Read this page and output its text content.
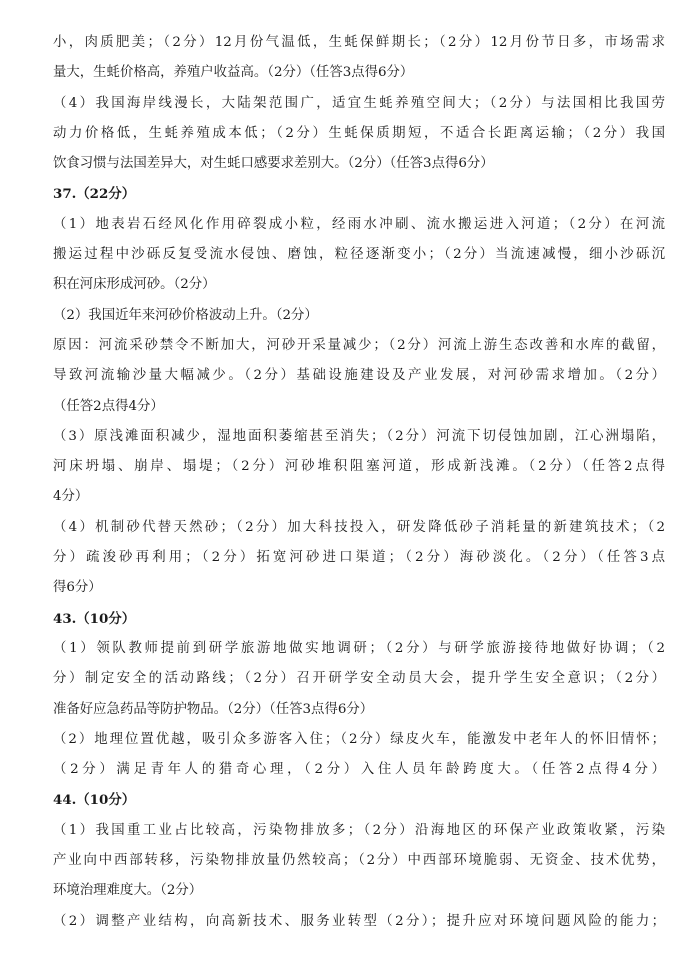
小，肉质肥美；（2分）12月份气温低，生蚝保鲜期长；（2分）12月份节日多，市场需求
量大，生蚝价格高，养殖户收益高。（2分）（任答3点得6分）
（4）我国海岸线漫长，大陆架范围广，适宜生蚝养殖空间大；（2分）与法国相比我国劳
动力价格低，生蚝养殖成本低；（2分）生蚝保质期短，不适合长距离运输；（2分）我国
饮食习惯与法国差异大，对生蚝口感要求差别大。（2分）（任答3点得6分）
37.（22分）
（1）地表岩石经风化作用碎裂成小粒，经雨水冲刷、流水搬运进入河道；（2分）在河流
搬运过程中沙砾反复受流水侵蚀、磨蚀，粒径逐渐变小；（2分）当流速减慢，细小沙砾沉
积在河床形成河砂。（2分）
（2）我国近年来河砂价格波动上升。（2分）
原因：河流采砂禁令不断加大，河砂开采量减少；（2分）河流上游生态改善和水库的截留，
导致河流输沙量大幅减少。（2分）基础设施建设及产业发展，对河砂需求增加。（2分）
（任答2点得4分）
（3）原浅滩面积减少，湿地面积萎缩甚至消失；（2分）河流下切侵蚀加剧，江心洲塌陷，
河床坍塌、崩岸、塌堤；（2分）河砂堆积阻塞河道，形成新浅滩。（2分）（任答2点得
4分）
（4）机制砂代替天然砂；（2分）加大科技投入，研发降低砂子消耗量的新建筑技术；（2
分）疏浚砂再利用；（2分）拓宽河砂进口渠道；（2分）海砂淡化。（2分）（任答3点
得6分）
43.（10分）
（1）领队教师提前到研学旅游地做实地调研；（2分）与研学旅游接待地做好协调；（2
分）制定安全的活动路线；（2分）召开研学安全动员大会，提升学生安全意识；（2分）
准备好应急药品等防护物品。（2分）（任答3点得6分）
（2）地理位置优越，吸引众多游客入住；（2分）绿皮火车，能激发中老年人的怀旧情怀；
（2分）满足青年人的猎奇心理，（2分）入住人员年龄跨度大。（任答2点得4分）
44.（10分）
（1）我国重工业占比较高，污染物排放多；（2分）沿海地区的环保产业政策收紧，污染
产业向中西部转移，污染物排放量仍然较高；（2分）中西部环境脆弱、无资金、技术优势，
环境治理难度大。（2分）
（2）调整产业结构，向高新技术、服务业转型（2分）；提升应对环境问题风险的能力；
